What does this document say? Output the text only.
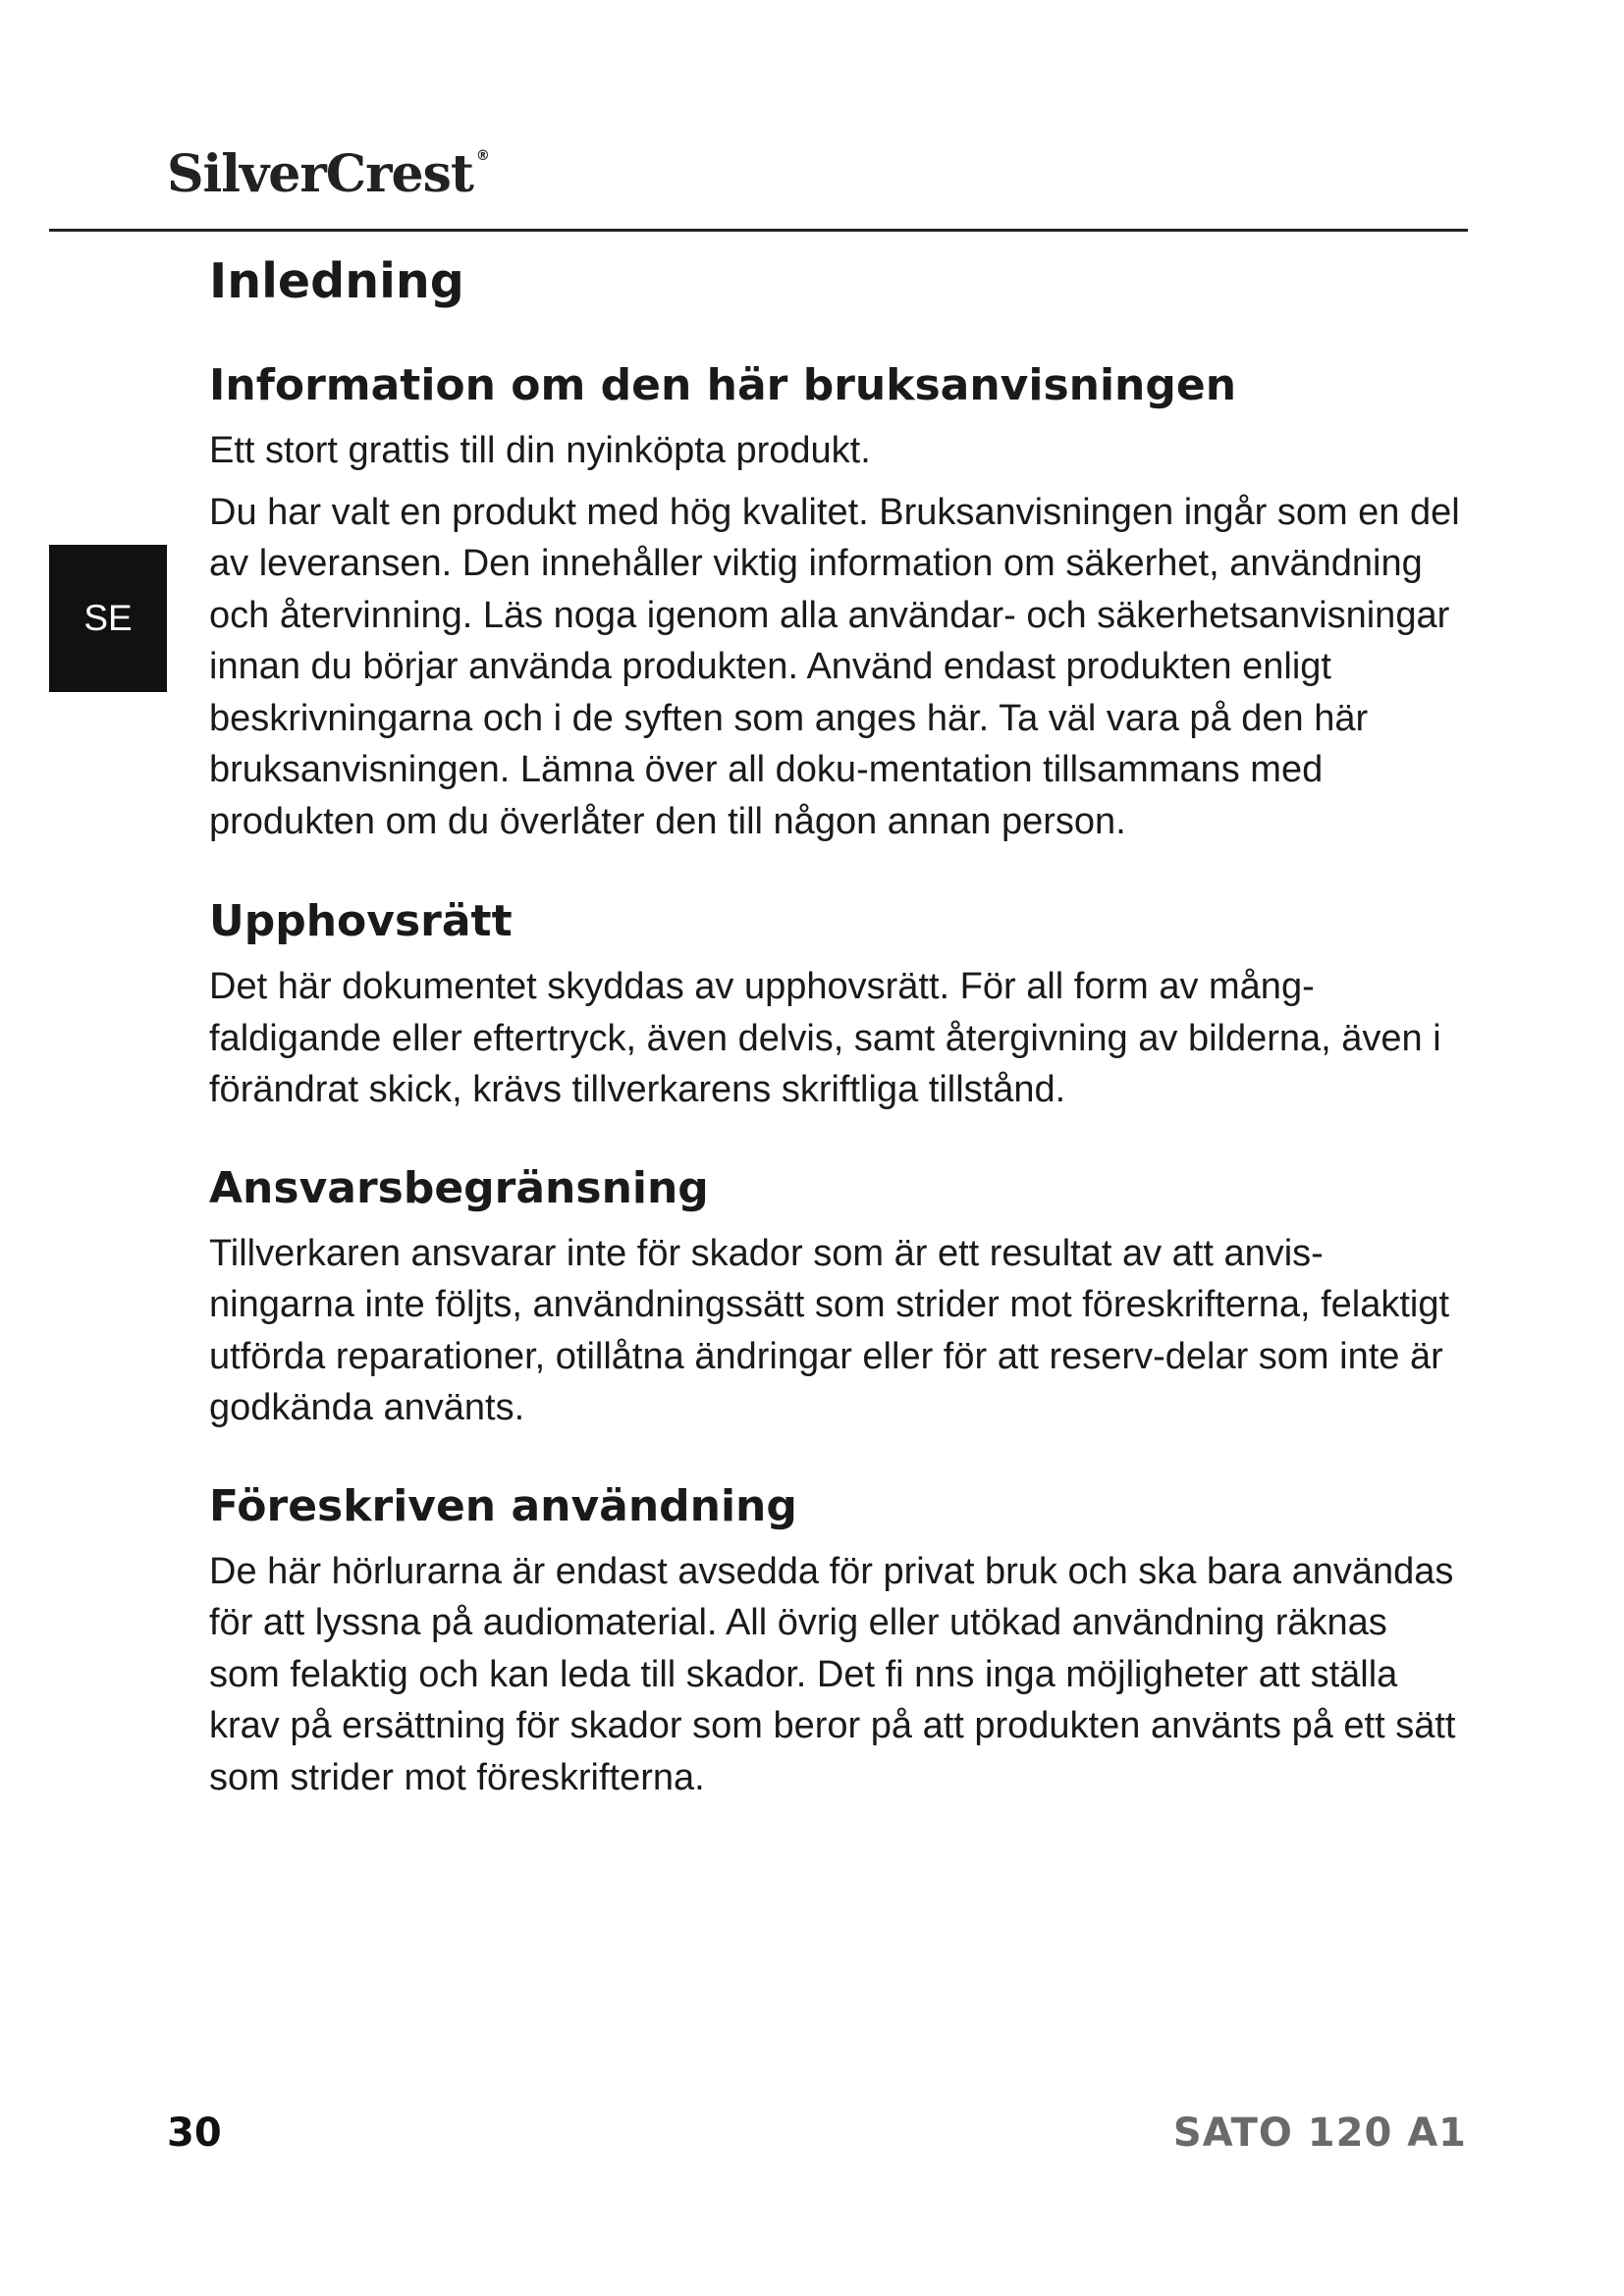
SilverCrest ®
SE
Inledning
Information om den här bruksanvisningen

Ett stort grattis till din nyinköpta produkt.

Du har valt en produkt med hög kvalitet. Bruksanvisningen ingår som en del av leveransen. Den innehåller viktig information om säkerhet, användning och återvinning. Läs noga igenom alla användar- och säkerhetsanvisningar innan du börjar använda produkten. Använd endast produkten enligt beskrivningarna och i de syften som anges här. Ta väl vara på den här bruksanvisningen. Lämna över all doku-mentation tillsammans med produkten om du överlåter den till någon annan person.

Upphovsrätt

Det här dokumentet skyddas av upphovsrätt. För all form av mång-faldigande eller eftertryck, även delvis, samt återgivning av bilderna, även i förändrat skick, krävs tillverkarens skriftliga tillstånd.

Ansvarsbegränsning

Tillverkaren ansvarar inte för skador som är ett resultat av att anvis-ningarna inte följts, användningssätt som strider mot föreskrifterna, felaktigt utförda reparationer, otillåtna ändringar eller för att reserv-delar som inte är godkända använts.

Föreskriven användning

De här hörlurarna är endast avsedda för privat bruk och ska bara användas för att lyssna på audiomaterial. All övrig eller utökad användning räknas som felaktig och kan leda till skador. Det fi nns inga möjligheter att ställa krav på ersättning för skador som beror på att produkten använts på ett sätt som strider mot föreskrifterna.

30	SATO 120 A1
